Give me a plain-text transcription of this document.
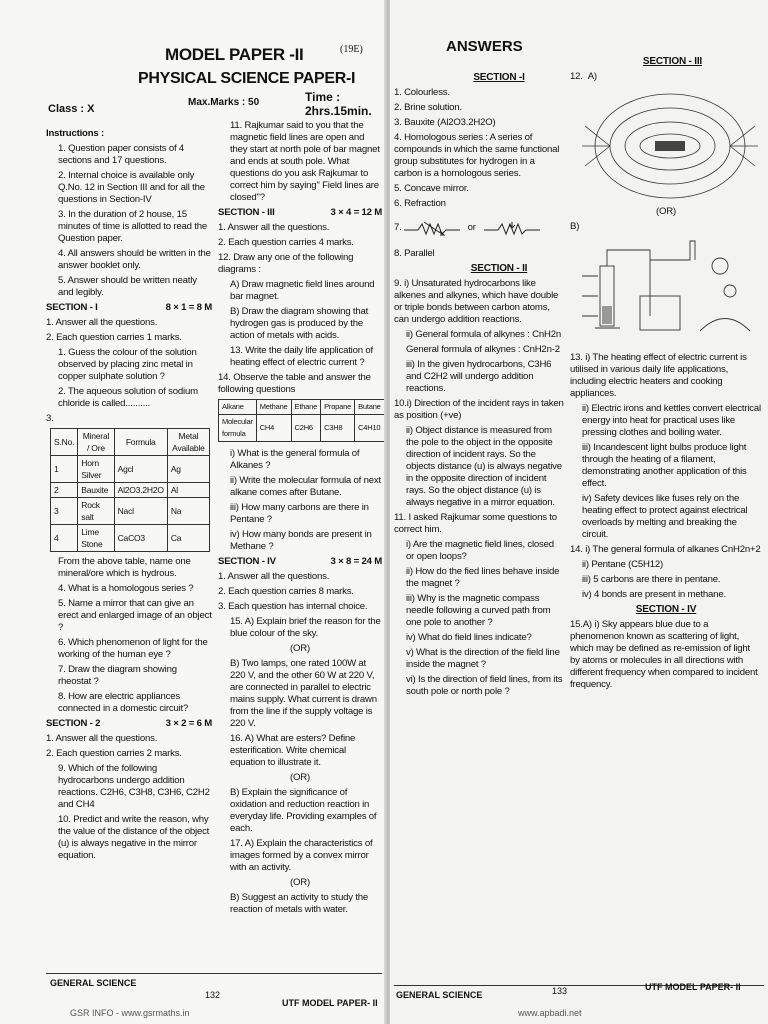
MODEL PAPER -II	(19E)
PHYSICAL SCIENCE PAPER-I
Time : 2hrs.15min.
Class : X
Max.Marks : 50

Instructions :

1. Question paper consists of 4 sections and 17 questions.

2. Internal choice is available only Q.No. 12 in Section III and for all the questions in Section-IV

3. In the duration of 2 house, 15 minutes of time is allotted to read the Question paper.

4. All answers should be written in the answer booklet only.

5. Answer should be written neatly and legibly.

SECTION - I	8 × 1 = 8 M

1. Answer all the questions.

2. Each question carries 1 marks.

1. Guess the colour of the solution observed by placing zinc metal in copper sulphate solution ?

2. The aqueous solution of sodium chloride is called..........

3.

S.No.	Mineral / Ore	Formula	Metal Available
1	Horn Silver	Agcl	Ag
2	Bauxite	Al2O3.2H2O	Al
3	Rock salt	Nacl	Na
4	Lime Stone	CaCO3	Ca

From the above table, name one mineral/ore which is hydrous.

4. What is a homologous series ?

5. Name a mirror that can give an erect and enlarged image of an object ?

6. Which phenomenon of light for the working of the human eye ?

7. Draw the diagram showing rheostat ?

8. How are electric appliances connected in a domestic circuit?

SECTION - 2	3 × 2 = 6 M

1. Answer all the questions.

2. Each question carries 2 marks.

9. Which of the following hydrocarbons undergo addition reactions. C2H6, C3H8, C3H6, C2H2 and CH4

10. Predict and write the reason, why the value of the distance of the object (u) is always negative in the mirror equation.

11. Rajkumar said to you that the magnetic field lines are open and they start at north pole of bar magnet and ends at south pole. What questions do you ask Rajkumar to correct him by saying" Field lines are closed"?

SECTION - III	3 × 4 = 12 M

1. Answer all the questions.

2. Each question carries 4 marks.

12. Draw any one of the following diagrams :

A) Draw magnetic field lines around bar magnet.

B) Draw the diagram showing that hydrogen gas is produced by the action of metals with acids.

13. Write the daily life application of heating effect of electric current ?

14. Observe the table and answer the following questions

Alkane	Methane	Ethane	Propane	Butane
Molecular formula	CH4	C2H6	C3H8	C4H10

i) What is the general formula of Alkanes ?

ii) Write the molecular formula of next alkane comes after Butane.

iii) How many carbons are there in Pentane ?

iv) How many bonds are present in Methane ?

SECTION - IV	3 × 8 = 24 M

1. Answer all the questions.

2. Each question carries 8 marks.

3. Each question has internal choice.

15. A) Explain brief the reason for the blue colour of the sky.

(OR)

B) Two lamps, one rated 100W at 220 V, and the other 60 W at 220 V, are connected in parallel to electric mains supply. What current is drawn from the line if the supply voltage is 220 V.

16. A) What are esters? Define esterification. Write chemical equation to illustrate it.

(OR)

B) Explain the significance of oxidation and reduction reaction in everyday life. Providing examples of each.

17. A) Explain the characteristics of images formed by a convex mirror with an activity.

(OR)

B) Suggest an activity to study the reaction of metals with water.

GENERAL SCIENCE
132
UTF MODEL PAPER- II
GSR INFO - www.gsrmaths.in
ANSWERS

SECTION -I

1. Colourless.

2. Brine solution.

3. Bauxite (Al2O3.2H2O)

4. Homologous series : A series of compounds in which the same functional group substitutes for hydrogen in a carbon is a homologous series.

5. Concave mirror.

6. Refraction

7.	or

8. Parallel

SECTION - II

9. i) Unsaturated hydrocarbons like alkenes and alkynes, which have double or triple bonds between carbon atoms, can undergo addition reactions.

ii) General formula of alkynes : CnH2n

General formula of alkynes : CnH2n-2

iii) In the given hydrocarbons, C3H6 and C2H2 will undergo addition reactions.

10.i) Direction of the incident rays in taken as position (+ve)

ii) Object distance is measured from the pole to the object in the opposite direction of incident rays. So the objects distance (u) is always negative in the opposite direction of incident rays. So the object distance (u) is always negative in a mirror equation.

11. I asked Rajkumar some questions to correct him.

i) Are the magnetic field lines, closed or open loops?

ii) How do the fied lines behave inside the magnet ?

iii) Why is the magnetic compass needle following a curved path from one pole to another ?

iv) What do field lines indicate?

v) What is the direction of the field line inside the magnet ?

vi) Is the direction of field lines, from its south pole or north pole ?

SECTION - III

12. A)

(OR)

B)

13. i) The heating effect of electric current is utilised in various daily life applications, including electric heaters and cooking appliances.

ii) Electric irons and kettles convert electrical energy into heat for practical uses like pressing clothes and boiling water.

iii) Incandescent light bulbs produce light through the heating of a filament, demonstrating another application of this effect.

iv) Safety devices like fuses rely on the heating effect to protect against electrical overloads by melting and breaking the circuit.

14. i) The general formula of alkanes CnH2n+2

ii) Pentane (C5H12)

iii) 5 carbons are there in pentane.

iv) 4 bonds are present in methane.

SECTION - IV

15.A) i) Sky appears blue due to a phenomenon known as scattering of light, which may be defined as re-emission of light by atoms or molecules in all directions with different frequency when compared to incident frequency.

GENERAL SCIENCE	133	UTF MODEL PAPER- II
www.apbadi.net
